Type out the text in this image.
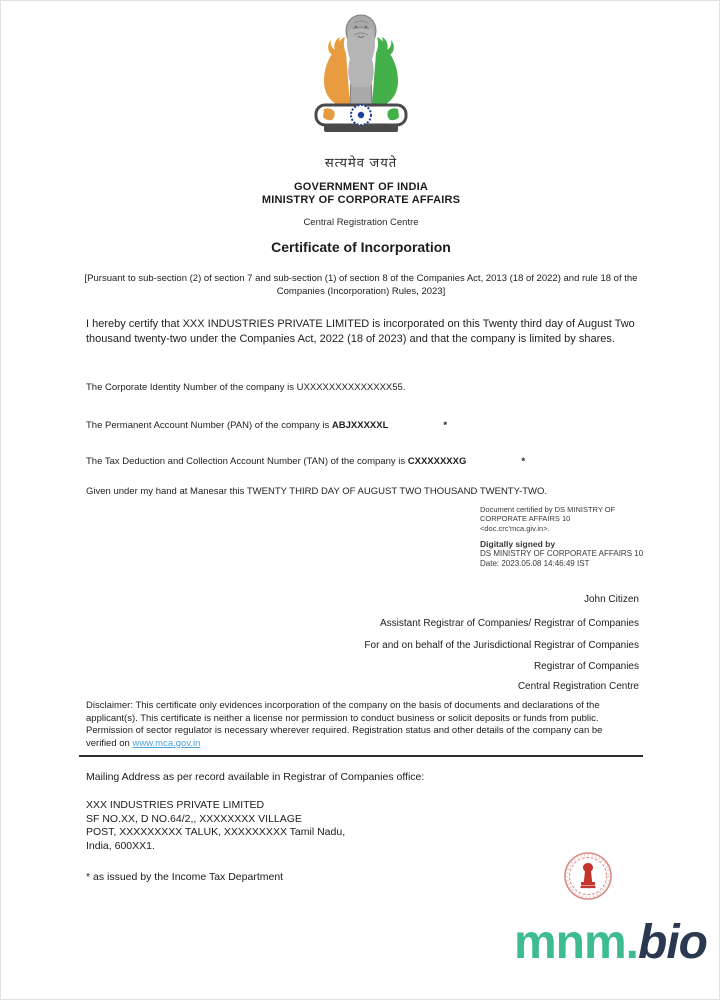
सत्यमेव जयते
GOVERNMENT OF INDIA
MINISTRY OF CORPORATE AFFAIRS
Central Registration Centre
Certificate of Incorporation
[Pursuant to sub-section (2) of section 7 and sub-section (1) of section 8 of the Companies Act, 2013 (18 of 2022) and rule 18 of the Companies (Incorporation) Rules, 2023]
I hereby certify that XXX INDUSTRIES PRIVATE LIMITED is incorporated on this Twenty third day of August Two thousand twenty-two under the Companies Act, 2022 (18 of 2023) and that the company is limited by shares.
The Corporate Identity Number of the company is UXXXXXXXXXXXXXX55.
The Permanent Account Number (PAN) of the company is ABJXXXXXL	*
The Tax Deduction and Collection Account Number (TAN) of the company is CXXXXXXXG	*
Given under my hand at Manesar this TWENTY THIRD DAY OF AUGUST TWO THOUSAND TWENTY-TWO.
Document certified by DS MINISTRY OF CORPORATE AFFAIRS 10
<doc.crc'mca.giv.in>.
Digitally signed by
DS MINISTRY OF CORPORATE AFFAIRS 10
Date: 2023.05.08 14:46:49 IST
John Citizen
Assistant Registrar of Companies/ Registrar of Companies
For and on behalf of the Jurisdictional Registrar of Companies
Registrar of Companies
Central Registration Centre
Disclaimer: This certificate only evidences incorporation of the company on the basis of documents and declarations of the applicant(s). This certificate is neither a license nor permission to conduct business or solicit deposits or funds from public. Permission of sector regulator is necessary wherever required. Registration status and other details of the company can be verified on www.mca.gov.in
Mailing Address as per record available in Registrar of Companies office:
XXX INDUSTRIES PRIVATE LIMITED
SF NO.XX, D NO.64/2,, XXXXXXXX VILLAGE
POST, XXXXXXXXX TALUK, XXXXXXXXX Tamil Nadu,
India, 600XX1.
* as issued by the Income Tax Department
mnm.bio
